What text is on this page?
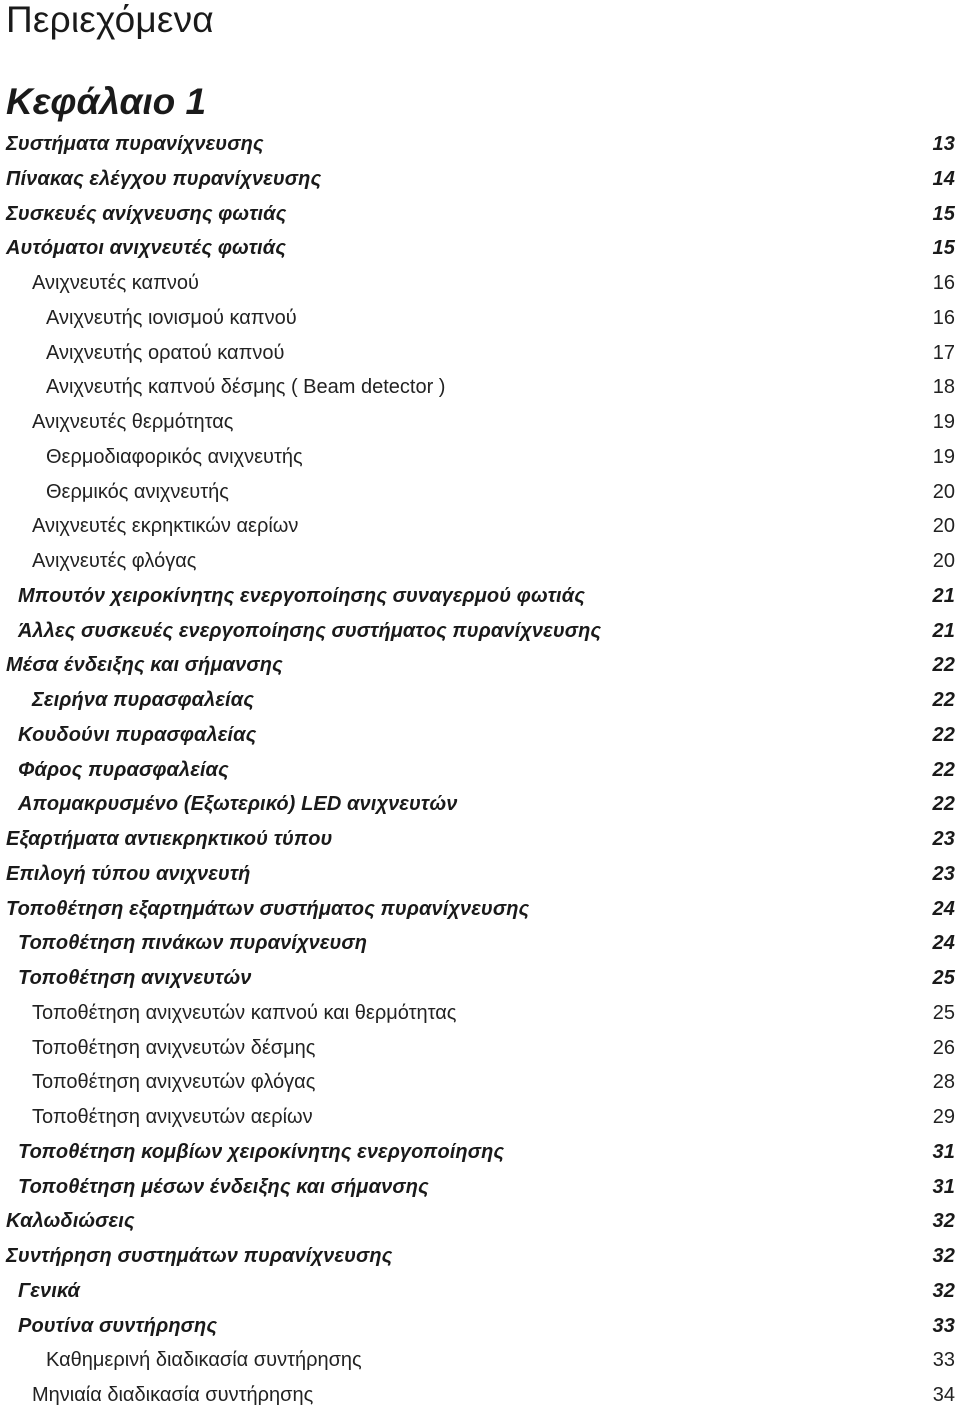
Περιεχόμενα
Κεφάλαιο 1
Συστήματα πυρανίχνευσης	13
Πίνακας ελέγχου πυρανίχνευσης	14
Συσκευές ανίχνευσης φωτιάς	15
Αυτόματοι ανιχνευτές φωτιάς	15
Ανιχνευτές καπνού	16
Ανιχνευτής ιονισμού καπνού	16
Ανιχνευτής ορατού καπνού	17
Ανιχνευτής καπνού δέσμης ( Beam detector )	18
Ανιχνευτές θερμότητας	19
Θερμοδιαφορικός ανιχνευτής	19
Θερμικός ανιχνευτής	20
Ανιχνευτές εκρηκτικών αερίων	20
Ανιχνευτές φλόγας	20
Μπουτόν χειροκίνητης ενεργοποίησης συναγερμού φωτιάς	21
Άλλες συσκευές ενεργοποίησης συστήματος πυρανίχνευσης	21
Μέσα ένδειξης και σήμανσης	22
Σειρήνα πυρασφαλείας	22
Κουδούνι πυρασφαλείας	22
Φάρος πυρασφαλείας	22
Απομακρυσμένο (Εξωτερικό) LED ανιχνευτών	22
Εξαρτήματα αντιεκρηκτικού τύπου	23
Επιλογή τύπου ανιχνευτή	23
Τοποθέτηση εξαρτημάτων συστήματος πυρανίχνευσης	24
Τοποθέτηση πινάκων πυρανίχνευση	24
Τοποθέτηση ανιχνευτών	25
Τοποθέτηση ανιχνευτών καπνού και θερμότητας	25
Τοποθέτηση ανιχνευτών δέσμης	26
Τοποθέτηση ανιχνευτών φλόγας	28
Τοποθέτηση ανιχνευτών αερίων	29
Τοποθέτηση κομβίων χειροκίνητης ενεργοποίησης	31
Τοποθέτηση μέσων ένδειξης και σήμανσης	31
Καλωδιώσεις	32
Συντήρηση συστημάτων πυρανίχνευσης	32
Γενικά	32
Ρουτίνα συντήρησης	33
Καθημερινή διαδικασία συντήρησης	33
Μηνιαία διαδικασία συντήρησης	34
